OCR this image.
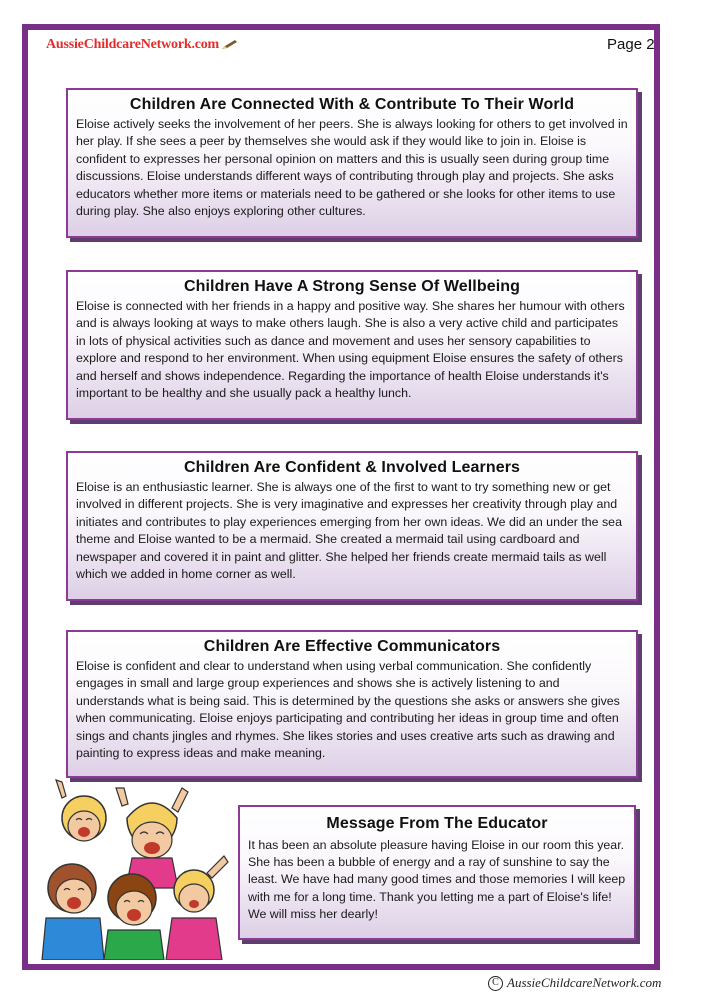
AussieChildcareNetwork.com	Page 2
Children Are Connected With & Contribute To Their World

Eloise actively seeks the involvement of her peers. She is always looking for others to get involved in her play. If she sees a peer by themselves she would ask if they would like to join in. Eloise is confident to expresses her personal opinion on matters and this is usually seen during group time discussions. Eloise understands different ways of contributing through play and projects. She asks educators whether more items or materials need to be gathered or she looks for other items to use during play. She also enjoys exploring other cultures.

Children Have A Strong Sense Of Wellbeing

Eloise is connected with her friends in a happy and positive way. She shares her humour with others and is always looking at ways to make others laugh. She is also a very active child and participates in lots of physical activities such as dance and movement and uses her sensory capabilities to explore and respond to her environment. When using equipment Eloise ensures the safety of others and herself and shows independence. Regarding the importance of health Eloise understands it's important to be healthy and she usually pack a healthy lunch.

Children Are Confident & Involved Learners

Eloise is an enthusiastic learner. She is always one of the first to want to try something new or get involved in different projects. She is very imaginative and expresses her creativity through play and initiates and contributes to play experiences emerging from her own ideas. We did an under the sea theme and Eloise wanted to be a mermaid. She created a mermaid tail using cardboard and newspaper and covered it in paint and glitter. She helped her friends create mermaid tails as well which we added in home corner as well.

Children Are Effective Communicators

Eloise is confident and clear to understand when using verbal communication. She confidently engages in small and large group experiences and shows she is actively listening to and understands what is being said. This is determined by the questions she asks or answers she gives when communicating. Eloise enjoys participating and contributing her ideas in group time and often sings and chants jingles and rhymes. She likes stories and uses creative arts such as drawing and painting to express ideas and make meaning.

Message From The Educator

It has been an absolute pleasure having Eloise in our room this year. She has been a bubble of energy and a ray of sunshine to say the least. We have had many good times and those memories I will keep with me for a long time. Thank you letting me a part of Eloise's life! We will miss her dearly!

C AussieChildcareNetwork.com
